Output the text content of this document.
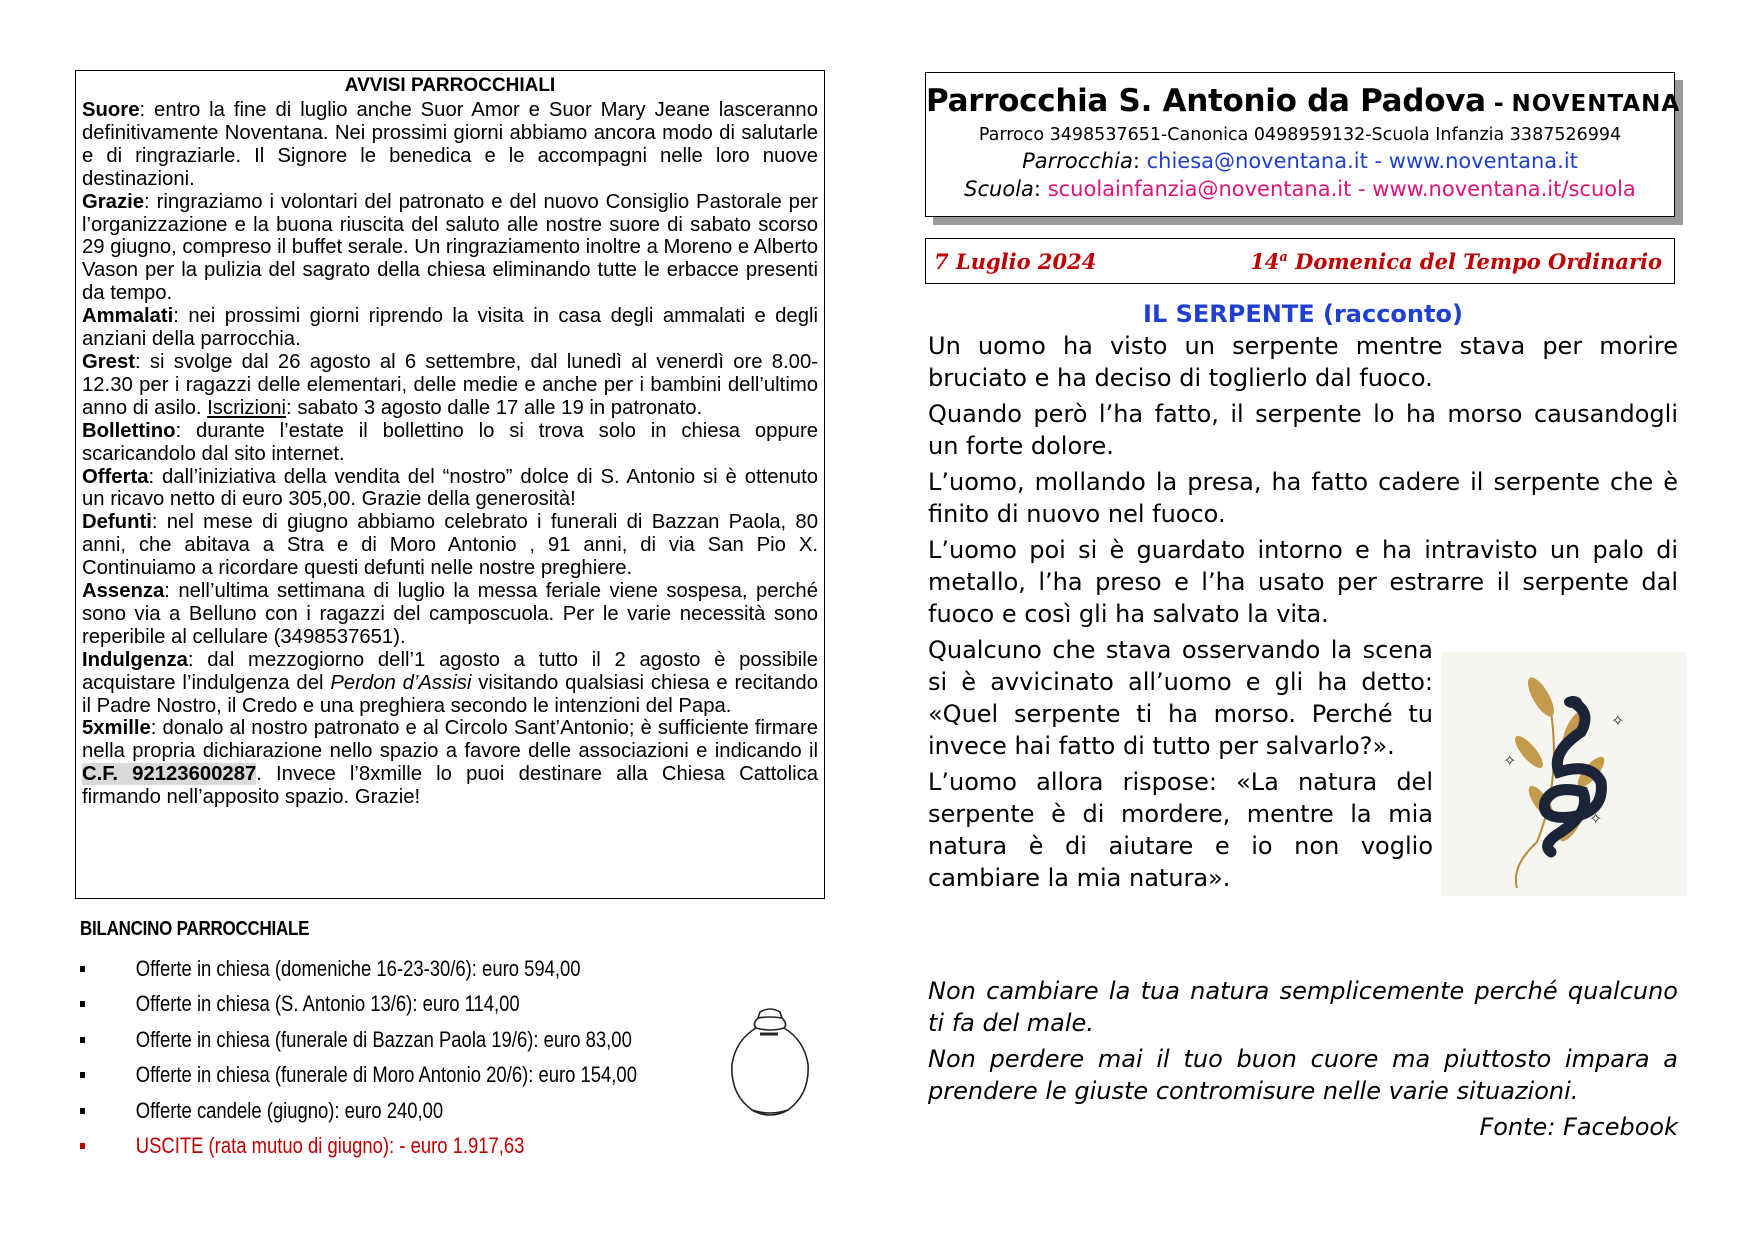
AVVISI PARROCCHIALI

Suore: entro la fine di luglio anche Suor Amor e Suor Mary Jeane lasceranno definitivamente Noventana. Nei prossimi giorni abbiamo ancora modo di salutarle e di ringraziarle. Il Signore le benedica e le accompagni nelle loro nuove destinazioni.

Grazie: ringraziamo i volontari del patronato e del nuovo Consiglio Pastorale per l’organizzazione e la buona riuscita del saluto alle nostre suore di sabato scorso 29 giugno, compreso il buffet serale. Un ringraziamento inoltre a Moreno e Alberto Vason per la pulizia del sagrato della chiesa eliminando tutte le erbacce presenti da tempo.

Ammalati: nei prossimi giorni riprendo la visita in casa degli ammalati e degli anziani della parrocchia.

Grest: si svolge dal 26 agosto al 6 settembre, dal lunedì al venerdì ore 8.00-12.30 per i ragazzi delle elementari, delle medie e anche per i bambini dell’ultimo anno di asilo. Iscrizioni: sabato 3 agosto dalle 17 alle 19 in patronato.

Bollettino: durante l’estate il bollettino lo si trova solo in chiesa oppure scaricandolo dal sito internet.

Offerta: dall’iniziativa della vendita del “nostro” dolce di S. Antonio si è ottenuto un ricavo netto di euro 305,00. Grazie della generosità!

Defunti: nel mese di giugno abbiamo celebrato i funerali di Bazzan Paola, 80 anni, che abitava a Stra e di Moro Antonio , 91 anni, di via San Pio X. Continuiamo a ricordare questi defunti nelle nostre preghiere.

Assenza: nell’ultima settimana di luglio la messa feriale viene sospesa, perché sono via a Belluno con i ragazzi del camposcuola. Per le varie necessità sono reperibile al cellulare (3498537651).

Indulgenza: dal mezzogiorno dell’1 agosto a tutto il 2 agosto è possibile acquistare l’indulgenza del Perdon d’Assisi visitando qualsiasi chiesa e recitando il Padre Nostro, il Credo e una preghiera secondo le intenzioni del Papa.

5xmille: donalo al nostro patronato e al Circolo Sant’Antonio; è sufficiente firmare nella propria dichiarazione nello spazio a favore delle associazioni e indicando il C.F. 92123600287. Invece l’8xmille lo puoi destinare alla Chiesa Cattolica firmando nell’apposito spazio. Grazie!

BILANCINO PARROCCHIALE
Offerte in chiesa (domeniche 16-23-30/6): euro 594,00
Offerte in chiesa (S. Antonio 13/6): euro 114,00
Offerte in chiesa (funerale di Bazzan Paola 19/6): euro 83,00
Offerte in chiesa (funerale di Moro Antonio 20/6): euro 154,00
Offerte candele (giugno): euro 240,00
USCITE (rata mutuo di giugno): - euro 1.917,63
Parrocchia S. Antonio da Padova - NOVENTANA
Parroco 3498537651-Canonica 0498959132-Scuola Infanzia 3387526994
Parrocchia: chiesa@noventana.it - www.noventana.it
Scuola: scuolainfanzia@noventana.it - www.noventana.it/scuola
7 Luglio 2024	14$^a$ Domenica del Tempo Ordinario
IL SERPENTE (racconto)

Un uomo ha visto un serpente mentre stava per morire bruciato e ha deciso di toglierlo dal fuoco.

Quando però l’ha fatto, il serpente lo ha morso causandogli un forte dolore.

L’uomo, mollando la presa, ha fatto cadere il serpente che è finito di nuovo nel fuoco.

L’uomo poi si è guardato intorno e ha intravisto un palo di metallo, l’ha preso e l’ha usato per estrarre il serpente dal fuoco e così gli ha salvato la vita.

Qualcuno che stava osservando la scena si è avvicinato all’uomo e gli ha detto: «Quel serpente ti ha morso. Perché tu invece hai fatto di tutto per salvarlo?».

L’uomo allora rispose: «La natura del serpente è di mordere, mentre la mia natura è di aiutare e io non voglio cambiare la mia natura».

✧
✧
✧

Non cambiare la tua natura semplicemente perché qualcuno ti fa del male.

Non perdere mai il tuo buon cuore ma piuttosto impara a prendere le giuste contromisure nelle varie situazioni.

Fonte: Facebook
